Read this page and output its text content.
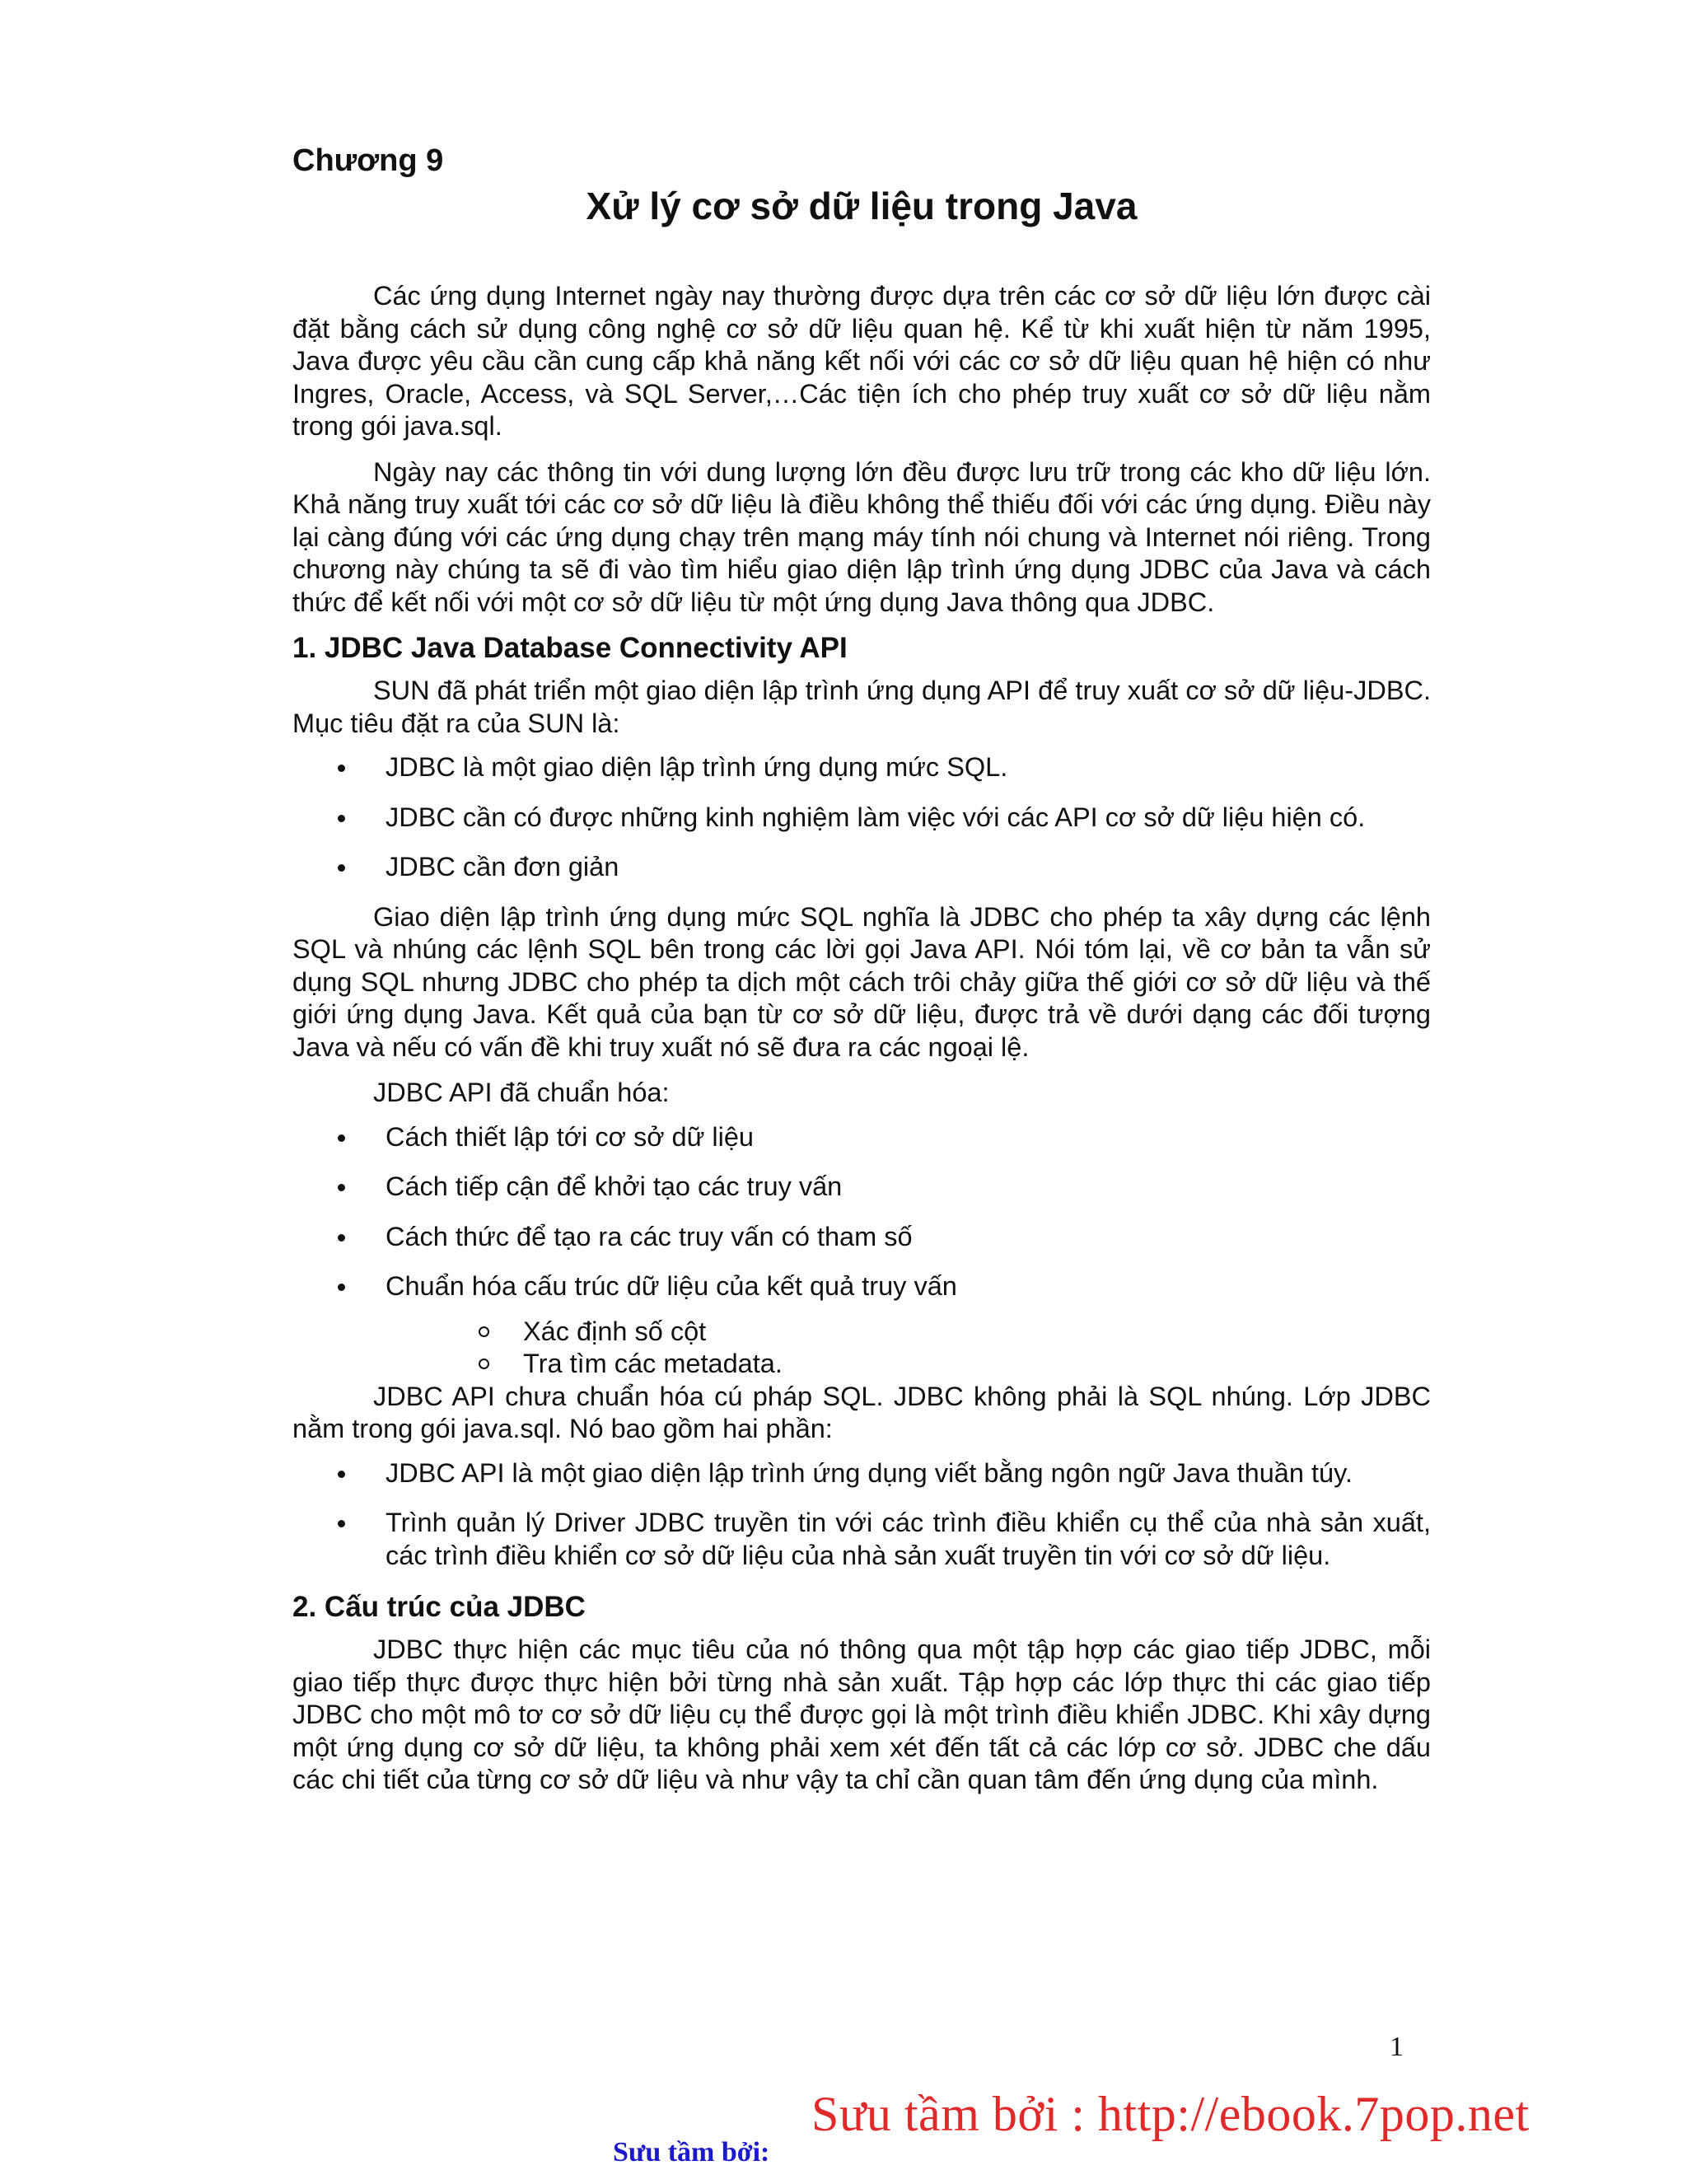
Chương 9
Xử lý cơ sở dữ liệu trong Java

Các ứng dụng Internet ngày nay thường được dựa trên các cơ sở dữ liệu lớn được cài đặt bằng cách sử dụng công nghệ cơ sở dữ liệu quan hệ. Kể từ khi xuất hiện từ năm 1995, Java được yêu cầu cần cung cấp khả năng kết nối với các cơ sở dữ liệu quan hệ hiện có như Ingres, Oracle, Access, và SQL Server,…Các tiện ích cho phép truy xuất cơ sở dữ liệu nằm trong gói java.sql.

Ngày nay các thông tin với dung lượng lớn đều được lưu trữ trong các kho dữ liệu lớn. Khả năng truy xuất tới các cơ sở dữ liệu là điều không thể thiếu đối với các ứng dụng. Điều này lại càng đúng với các ứng dụng chạy trên mạng máy tính nói chung và Internet nói riêng. Trong chương này chúng ta sẽ đi vào tìm hiểu giao diện lập trình ứng dụng JDBC của Java và cách thức để kết nối với một cơ sở dữ liệu từ một ứng dụng Java thông qua JDBC.

1. JDBC Java Database Connectivity API

SUN đã phát triển một giao diện lập trình ứng dụng API để truy xuất cơ sở dữ liệu-JDBC. Mục tiêu đặt ra của SUN là:

JDBC là một giao diện lập trình ứng dụng mức SQL.
JDBC cần có được những kinh nghiệm làm việc với các API cơ sở dữ liệu hiện có.
JDBC cần đơn giản

Giao diện lập trình ứng dụng mức SQL nghĩa là JDBC cho phép ta xây dựng các lệnh SQL và nhúng các lệnh SQL bên trong các lời gọi Java API. Nói tóm lại, về cơ bản ta vẫn sử dụng SQL nhưng JDBC cho phép ta dịch một cách trôi chảy giữa thế giới cơ sở dữ liệu và thế giới ứng dụng Java. Kết quả của bạn từ cơ sở dữ liệu, được trả về dưới dạng các đối tượng Java và nếu có vấn đề khi truy xuất nó sẽ đưa ra các ngoại lệ.

JDBC API đã chuẩn hóa:

Cách thiết lập tới cơ sở dữ liệu
Cách tiếp cận để khởi tạo các truy vấn
Cách thức để tạo ra các truy vấn có tham số
Chuẩn hóa cấu trúc dữ liệu của kết quả truy vấn
Xác định số cột
Tra tìm các metadata.

JDBC API chưa chuẩn hóa cú pháp SQL. JDBC không phải là SQL nhúng. Lớp JDBC nằm trong gói java.sql. Nó bao gồm hai phần:

JDBC API là một giao diện lập trình ứng dụng viết bằng ngôn ngữ Java thuần túy.
Trình quản lý Driver JDBC truyền tin với các trình điều khiển cụ thể của nhà sản xuất, các trình điều khiển cơ sở dữ liệu của nhà sản xuất truyền tin với cơ sở dữ liệu.
2. Cấu trúc của JDBC

JDBC thực hiện các mục tiêu của nó thông qua một tập hợp các giao tiếp JDBC, mỗi giao tiếp thực được thực hiện bởi từng nhà sản xuất. Tập hợp các lớp thực thi các giao tiếp JDBC cho một mô tơ cơ sở dữ liệu cụ thể được gọi là một trình điều khiển JDBC. Khi xây dựng một ứng dụng cơ sở dữ liệu, ta không phải xem xét đến tất cả các lớp cơ sở. JDBC che dấu các chi tiết của từng cơ sở dữ liệu và như vậy ta chỉ cần quan tâm đến ứng dụng của mình.

1
Sưu tầm bởi : http://ebook.7pop.net
Sưu tầm bởi:
